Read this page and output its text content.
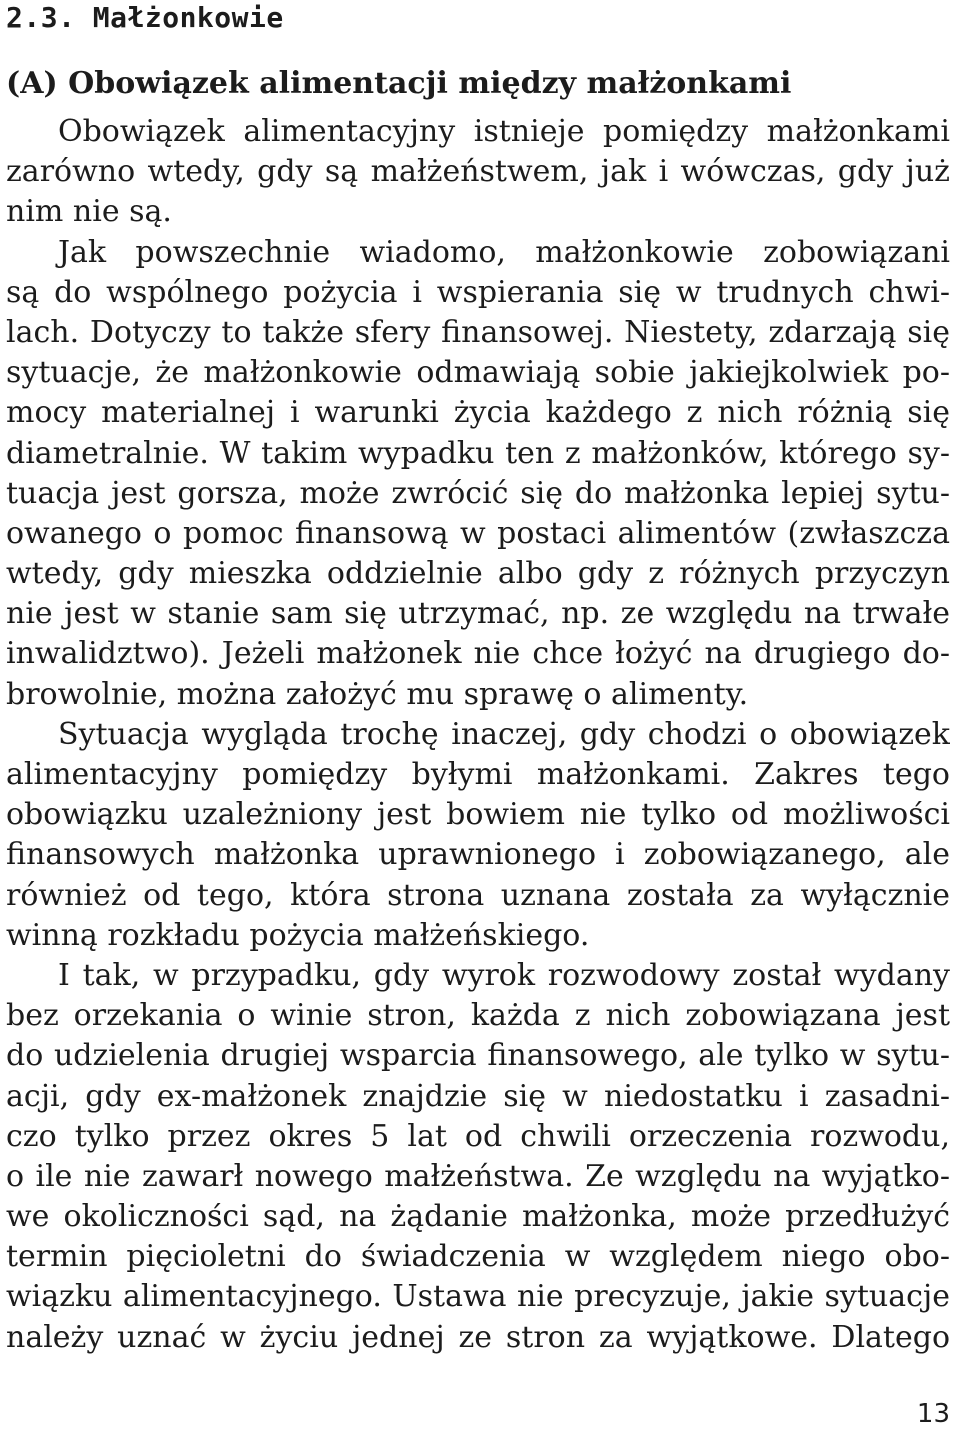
2.3. Małżonkowie
(A) Obowiązek alimentacji między małżonkami

Obowiązek alimentacyjny istnieje pomiędzy małżonkami
zarówno wtedy, gdy są małżeństwem, jak i wówczas, gdy już
nim nie są.

Jak powszechnie wiadomo, małżonkowie zobowiązani
są do wspólnego pożycia i wspierania się w trudnych chwi-
lach. Dotyczy to także sfery finansowej. Niestety, zdarzają się
sytuacje, że małżonkowie odmawiają sobie jakiejkolwiek po-
mocy materialnej i warunki życia każdego z nich różnią się
diametralnie. W takim wypadku ten z małżonków, którego sy-
tuacja jest gorsza, może zwrócić się do małżonka lepiej sytu-
owanego o pomoc finansową w postaci alimentów (zwłaszcza
wtedy, gdy mieszka oddzielnie albo gdy z różnych przyczyn
nie jest w stanie sam się utrzymać, np. ze względu na trwałe
inwalidztwo). Jeżeli małżonek nie chce łożyć na drugiego do-
browolnie, można założyć mu sprawę o alimenty.

Sytuacja wygląda trochę inaczej, gdy chodzi o obowiązek
alimentacyjny pomiędzy byłymi małżonkami. Zakres tego
obowiązku uzależniony jest bowiem nie tylko od możliwości
finansowych małżonka uprawnionego i zobowiązanego, ale
również od tego, która strona uznana została za wyłącznie
winną rozkładu pożycia małżeńskiego.

I tak, w przypadku, gdy wyrok rozwodowy został wydany
bez orzekania o winie stron, każda z nich zobowiązana jest
do udzielenia drugiej wsparcia finansowego, ale tylko w sytu-
acji, gdy ex-małżonek znajdzie się w niedostatku i zasadni-
czo tylko przez okres 5 lat od chwili orzeczenia rozwodu,
o ile nie zawarł nowego małżeństwa. Ze względu na wyjątko-
we okoliczności sąd, na żądanie małżonka, może przedłużyć
termin pięcioletni do świadczenia w względem niego obo-
wiązku alimentacyjnego. Ustawa nie precyzuje, jakie sytuacje
należy uznać w życiu jednej ze stron za wyjątkowe. Dlatego

13
